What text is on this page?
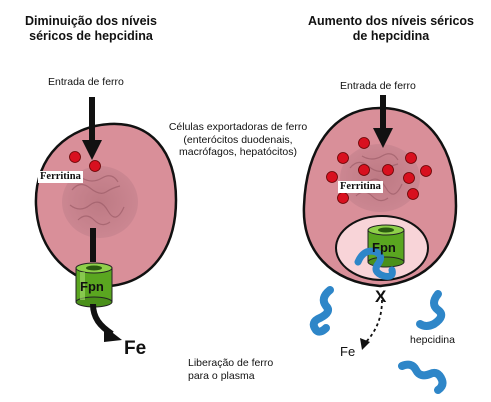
Diminuição dos níveis séricos de hepcidina
Aumento dos níveis séricos de hepcidina
Entrada de ferro	Entrada de ferro
Ferritina
Ferritina
Fpn
Fpn
Fe	Fe
X
Células exportadoras de ferro (enterócitos duodenais, macrófagos, hepatócitos)
Liberação de ferro para o plasma
hepcidina
